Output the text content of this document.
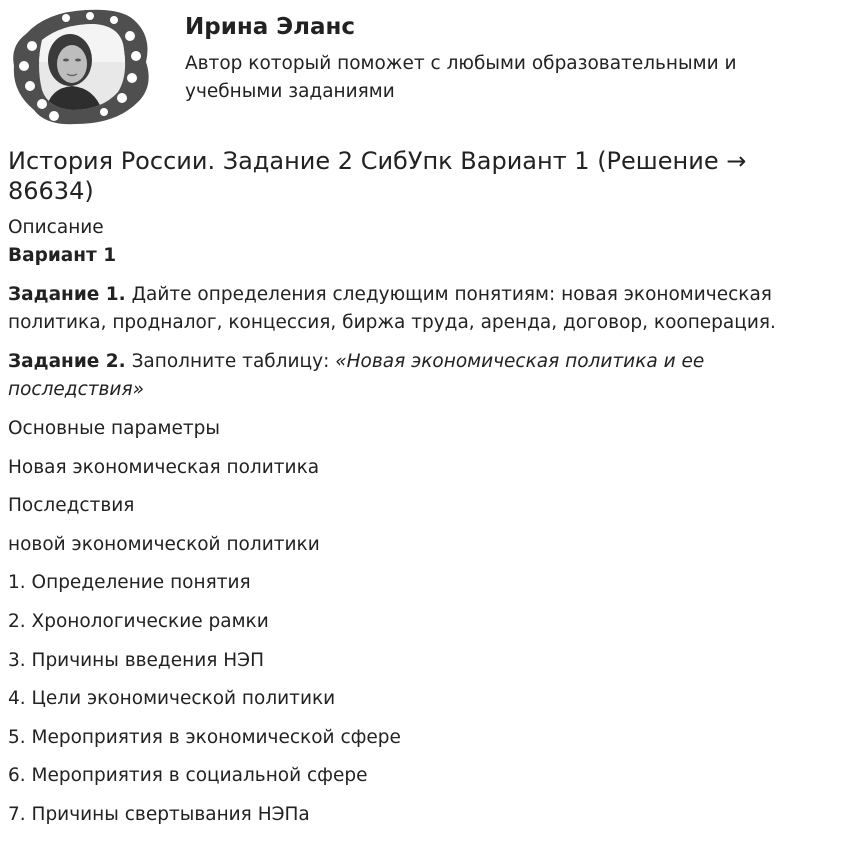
Ирина Эланс

Автор который поможет с любыми образовательными и учебными заданиями

История России. Задание 2 СибУпк Вариант 1 (Решение → 86634)

Описание

Вариант 1

Задание 1. Дайте определения следующим понятиям: новая экономическая политика, продналог, концессия, биржа труда, аренда, договор, кооперация.

Задание 2. Заполните таблицу: «Новая экономическая политика и ее последствия»

Основные параметры

Новая экономическая политика

Последствия

новой экономической политики

1. Определение понятия

2. Хронологические рамки

3. Причины введения НЭП

4. Цели экономической политики

5. Мероприятия в экономической сфере

6. Мероприятия в социальной сфере

7. Причины свертывания НЭПа
